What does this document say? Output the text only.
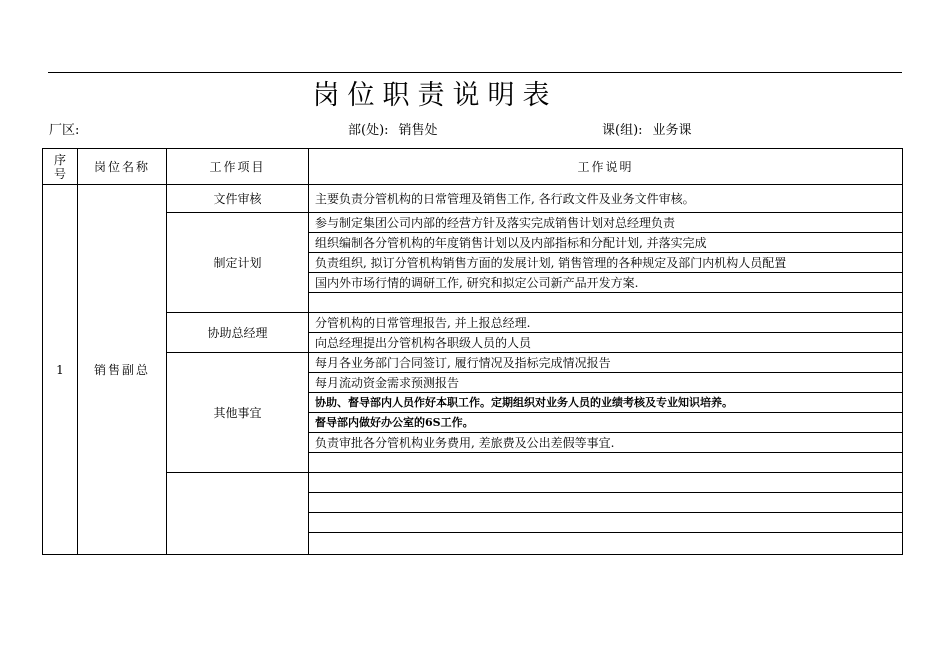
岗位职责说明表
厂区:	部(处): 销售处	课(组): 业务课
序号	岗位名称	工作项目	工作说明
1	销售副总	文件审核	主要负责分管机构的日常管理及销售工作, 各行政文件及业务文件审核。
		制定计划	参与制定集团公司内部的经营方针及落实完成销售计划对总经理负责
			组织编制各分管机构的年度销售计划以及内部指标和分配计划, 并落实完成
			负责组织, 拟订分管机构销售方面的发展计划, 销售管理的各种规定及部门内机构人员配置
			国内外市场行情的调研工作, 研究和拟定公司新产品开发方案.

		协助总经理	分管机构的日常管理报告, 并上报总经理.
			向总经理提出分管机构各职级人员的人员
		其他事宜	每月各业务部门合同签订, 履行情况及指标完成情况报告
			每月流动资金需求预测报告
			协助、督导部内人员作好本职工作。定期组织对业务人员的业绩考核及专业知识培养。
			督导部内做好办公室的6S工作。
			负责审批各分管机构业务费用, 差旅费及公出差假等事宜.
